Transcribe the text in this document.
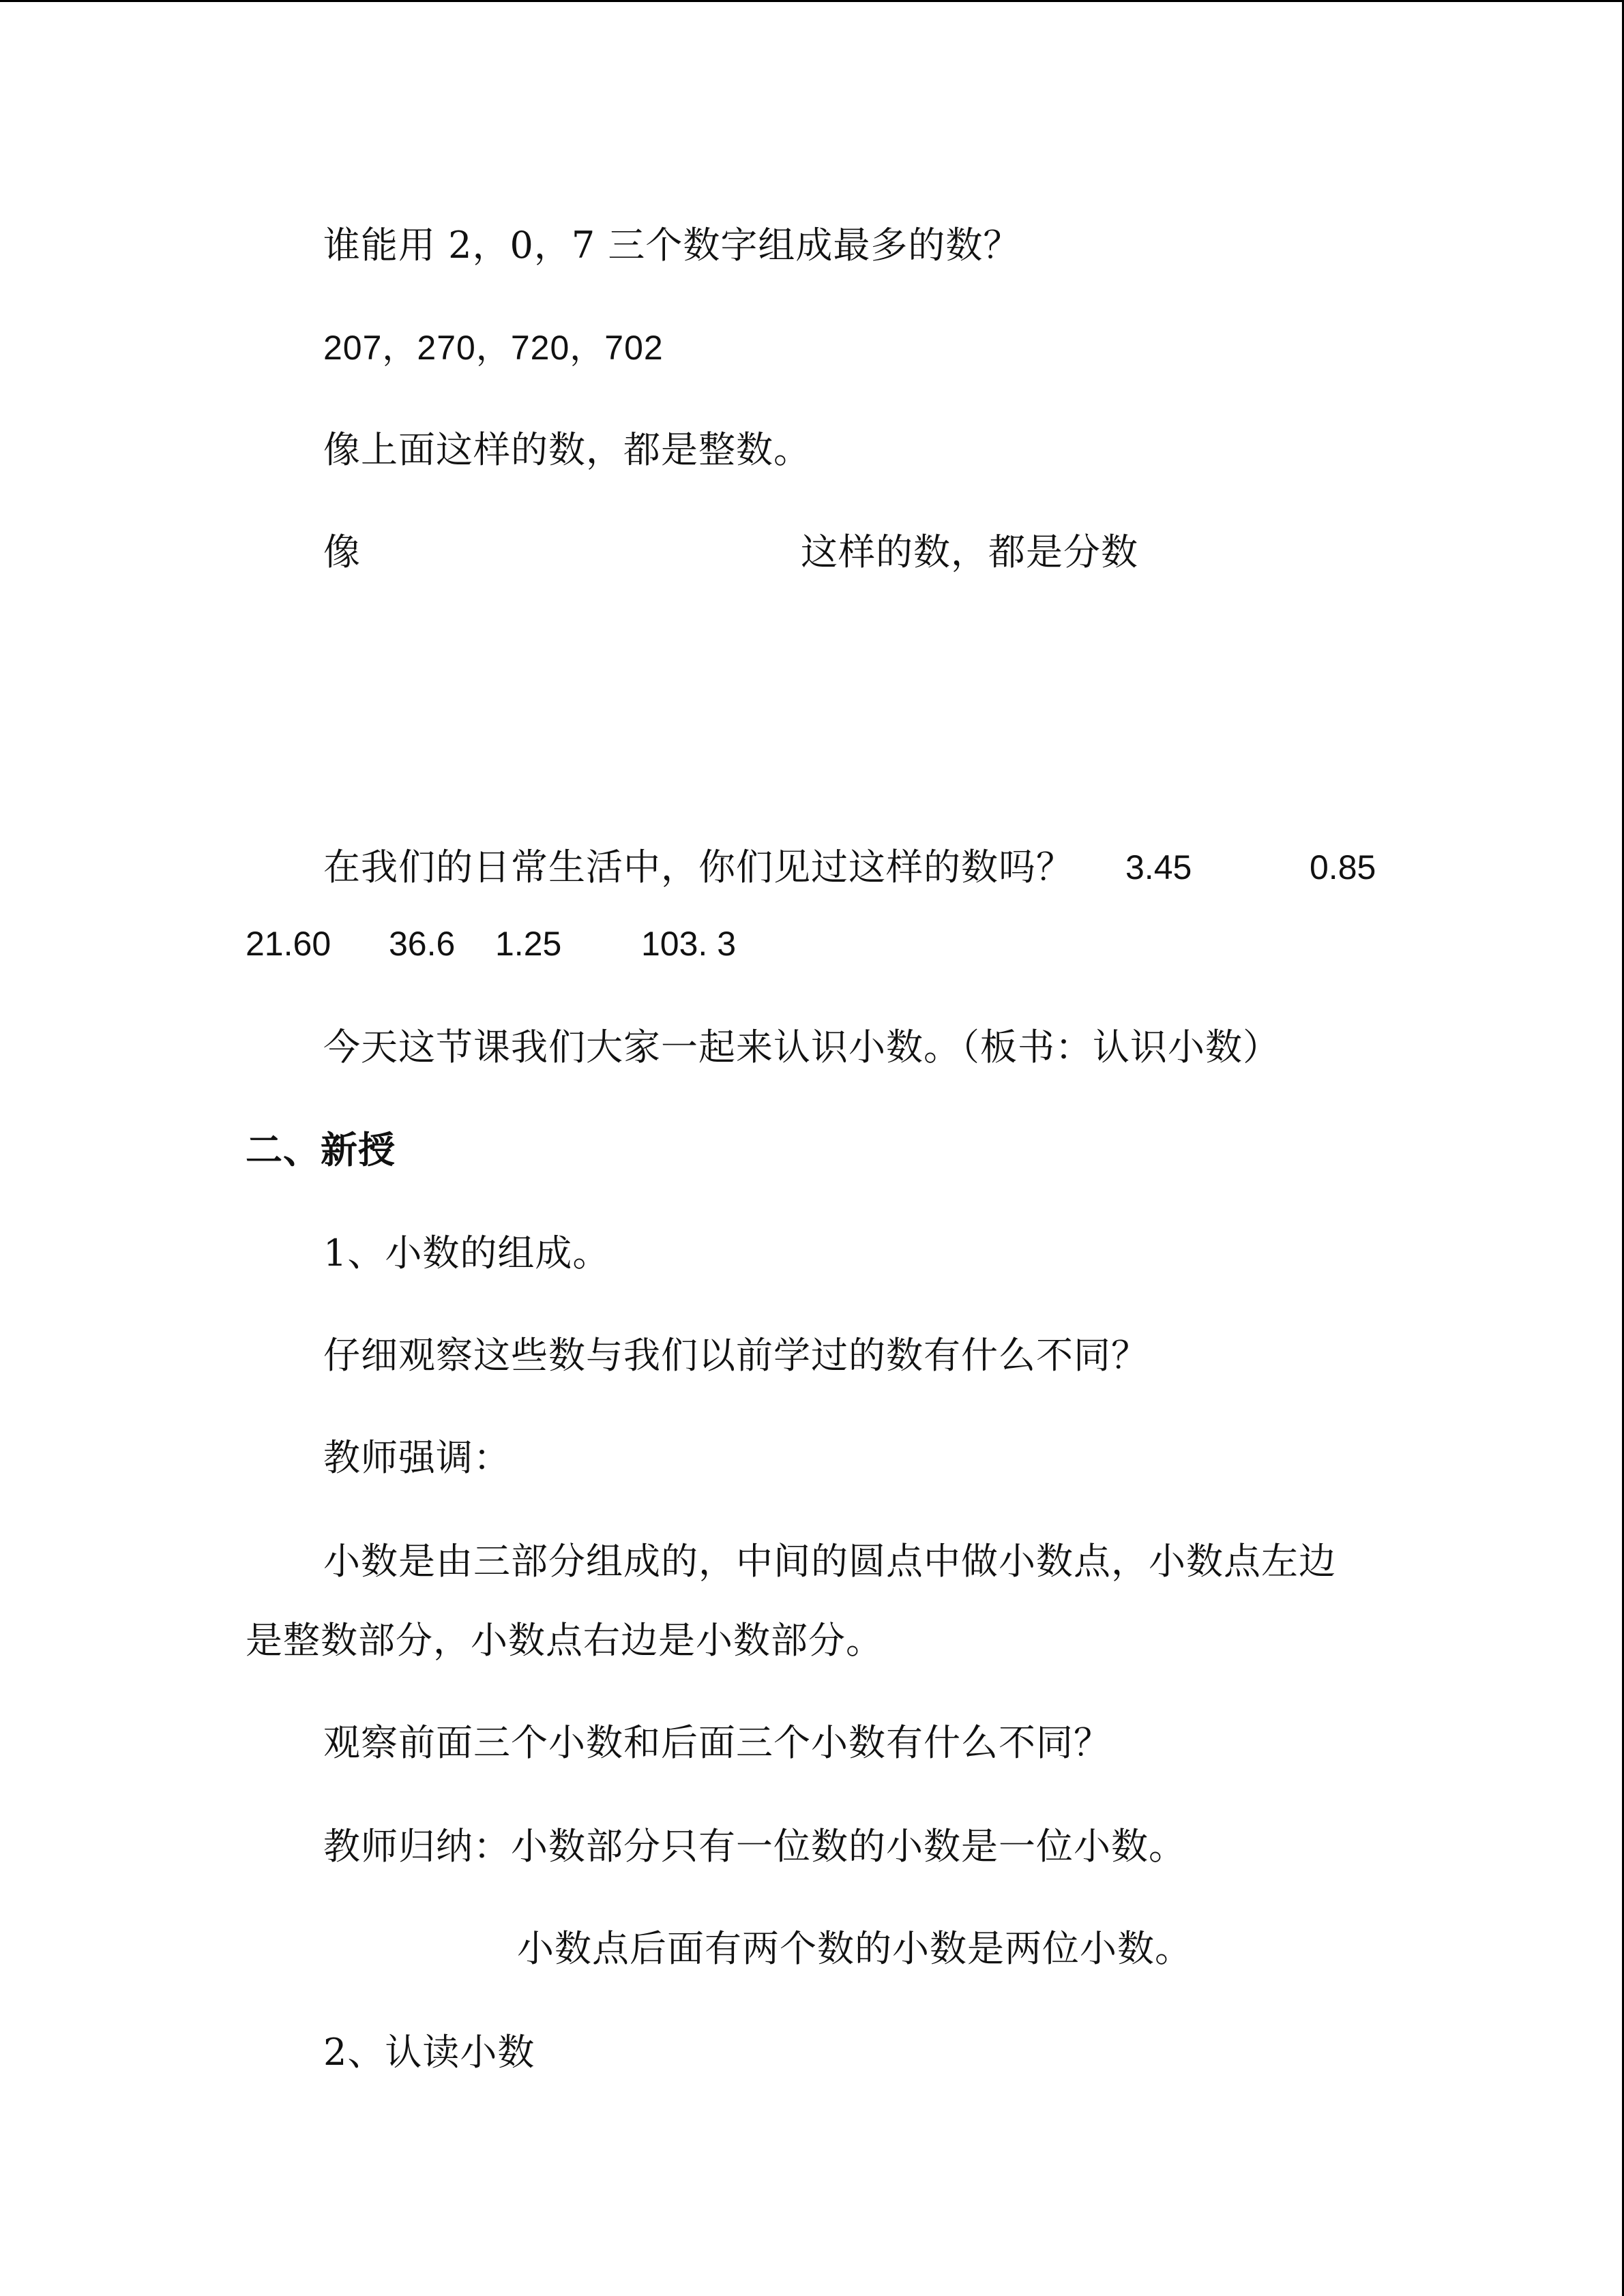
谁能用 2，0，7 三个数字组成最多的数？
207，270，720，702
像上面这样的数，都是整数。
像	这样的数，都是分数
在我们的日常生活中，你们见过这样的数吗？ 3.45	0.85
21.60 36.6 1.25 103. 3
今天这节课我们大家一起来认识小数。（板书：认识小数）
二、新授
1、小数的组成。
仔细观察这些数与我们以前学过的数有什么不同？
教师强调：
小数是由三部分组成的，中间的圆点中做小数点，小数点左边
是整数部分，小数点右边是小数部分。
观察前面三个小数和后面三个小数有什么不同？
教师归纳：小数部分只有一位数的小数是一位小数。
小数点后面有两个数的小数是两位小数。
2、认读小数
